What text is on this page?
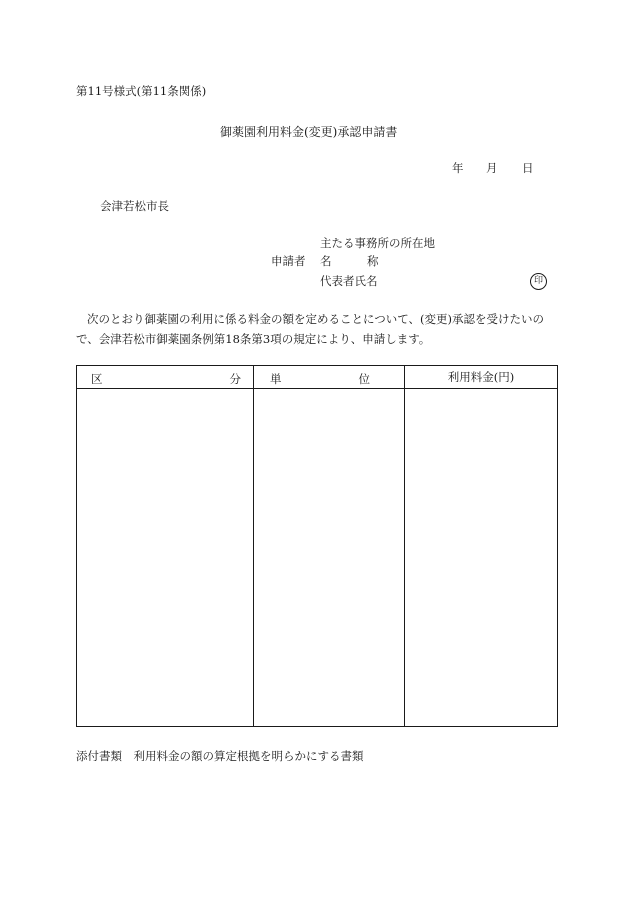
第11号様式(第11条関係)
御薬園利用料金(変更)承認申請書
年 月 日
会津若松市長
主たる事務所の所在地
申請者 名	称
代表者氏名	印
次のとおり御薬園の利用に係る料金の額を定めることについて、(変更)承認を受けたいので、会津若松市御薬園条例第18条第3項の規定により、申請します。
区 分	単 位	利用料金(円)

添付書類　利用料金の額の算定根拠を明らかにする書類
